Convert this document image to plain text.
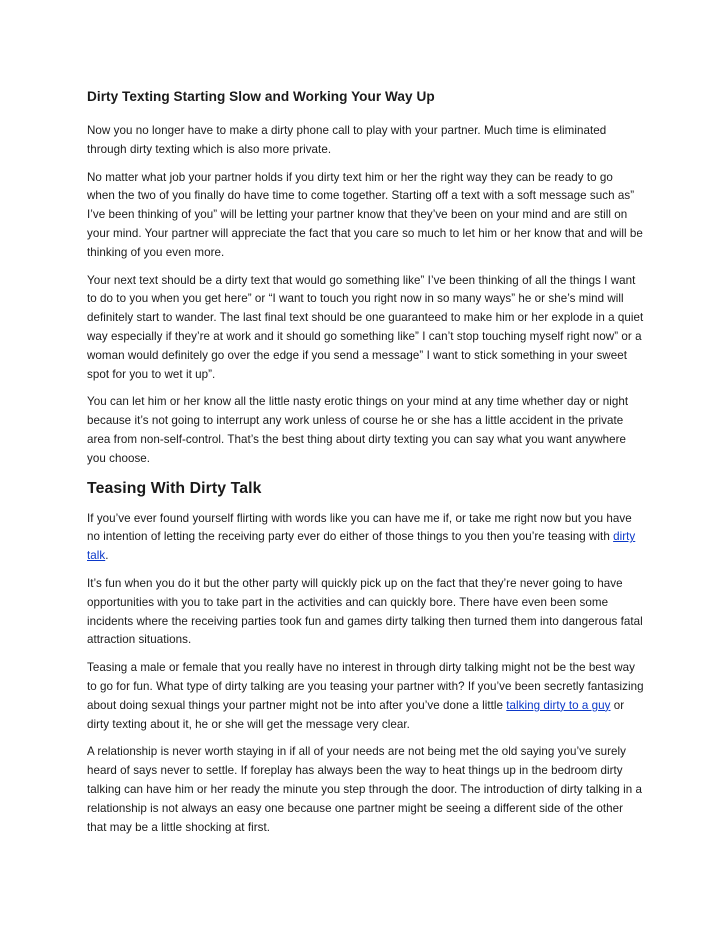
Dirty Texting Starting Slow and Working Your Way Up

Now you no longer have to make a dirty phone call to play with your partner. Much time is eliminated through dirty texting which is also more private.

No matter what job your partner holds if you dirty text him or her the right way they can be ready to go when the two of you finally do have time to come together. Starting off a text with a soft message such as” I’ve been thinking of you” will be letting your partner know that they’ve been on your mind and are still on your mind. Your partner will appreciate the fact that you care so much to let him or her know that and will be thinking of you even more.

Your next text should be a dirty text that would go something like” I’ve been thinking of all the things I want to do to you when you get here” or “I want to touch you right now in so many ways” he or she’s mind will definitely start to wander. The last final text should be one guaranteed to make him or her explode in a quiet way especially if they’re at work and it should go something like” I can’t stop touching myself right now” or a woman would definitely go over the edge if you send a message” I want to stick something in your sweet spot for you to wet it up”.

You can let him or her know all the little nasty erotic things on your mind at any time whether day or night because it’s not going to interrupt any work unless of course he or she has a little accident in the private area from non-self-control. That’s the best thing about dirty texting you can say what you want anywhere you choose.

Teasing With Dirty Talk

If you’ve ever found yourself flirting with words like you can have me if, or take me right now but you have no intention of letting the receiving party ever do either of those things to you then you’re teasing with dirty talk.

It’s fun when you do it but the other party will quickly pick up on the fact that they’re never going to have opportunities with you to take part in the activities and can quickly bore. There have even been some incidents where the receiving parties took fun and games dirty talking then turned them into dangerous fatal attraction situations.

Teasing a male or female that you really have no interest in through dirty talking might not be the best way to go for fun. What type of dirty talking are you teasing your partner with? If you’ve been secretly fantasizing about doing sexual things your partner might not be into after you’ve done a little talking dirty to a guy or dirty texting about it, he or she will get the message very clear.

A relationship is never worth staying in if all of your needs are not being met the old saying you’ve surely heard of says never to settle. If foreplay has always been the way to heat things up in the bedroom dirty talking can have him or her ready the minute you step through the door. The introduction of dirty talking in a relationship is not always an easy one because one partner might be seeing a different side of the other that may be a little shocking at first.
